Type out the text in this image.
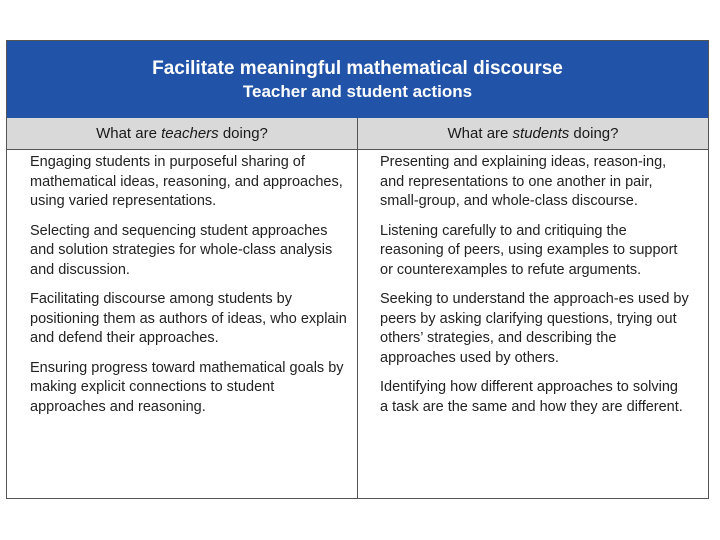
Facilitate meaningful mathematical discourse
Teacher and student actions
What are teachers doing?	What are students doing?

Engaging students in purposeful sharing of mathematical ideas, reasoning, and approaches, using varied representations.

Selecting and sequencing student approaches and solution strategies for whole-class analysis and discussion.

Facilitating discourse among students by positioning them as authors of ideas, who explain and defend their approaches.

Ensuring progress toward mathematical goals by making explicit connections to student approaches and reasoning.

Presenting and explaining ideas, reason-ing, and representations to one another in pair, small-group, and whole-class discourse.

Listening carefully to and critiquing the reasoning of peers, using examples to support or counterexamples to refute arguments.

Seeking to understand the approach-es used by peers by asking clarifying questions, trying out others’ strategies, and describing the approaches used by others.

Identifying how different approaches to solving a task are the same and how they are different.
